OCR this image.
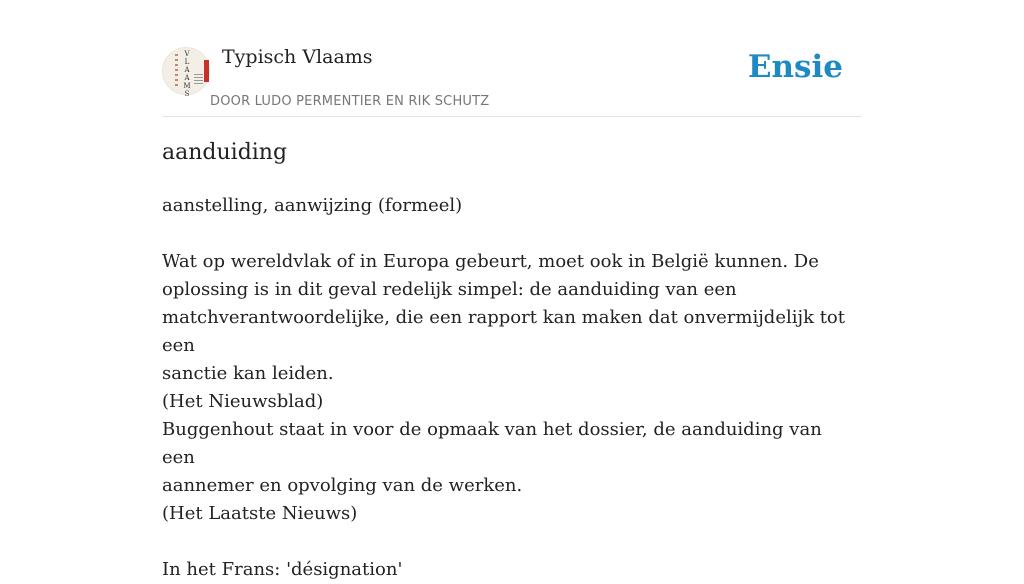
V
L
A
A
M
S
Typisch Vlaams
DOOR LUDO PERMENTIER EN RIK SCHUTZ
Ensie
aanduiding

aanstelling, aanwijzing (formeel)

Wat op wereldvlak of in Europa gebeurt, moet ook in België kunnen. De

oplossing is in dit geval redelijk simpel: de aanduiding van een

matchverantwoordelijke, die een rapport kan maken dat onvermijdelijk tot een

sanctie kan leiden.

(Het Nieuwsblad)

Buggenhout staat in voor de opmaak van het dossier, de aanduiding van een

aannemer en opvolging van de werken.

(Het Laatste Nieuws)

In het Frans: 'désignation'
